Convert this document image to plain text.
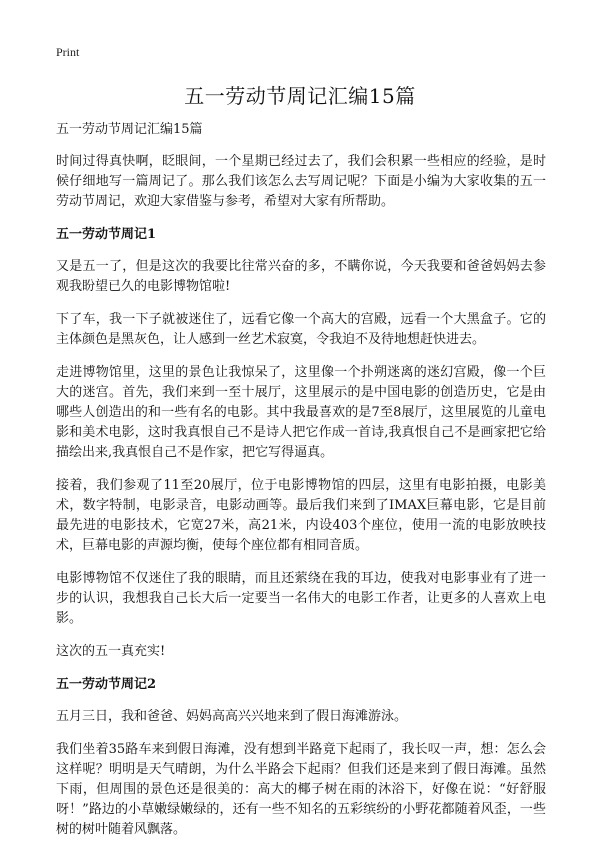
Print
五一劳动节周记汇编15篇

五一劳动节周记汇编15篇

时间过得真快啊，眨眼间，一个星期已经过去了，我们会积累一些相应的经验，是时候仔细地写一篇周记了。那么我们该怎么去写周记呢？下面是小编为大家收集的五一劳动节周记，欢迎大家借鉴与参考，希望对大家有所帮助。

五一劳动节周记1

又是五一了，但是这次的我要比往常兴奋的多，不瞒你说，今天我要和爸爸妈妈去参观我盼望已久的电影博物馆啦!

下了车，我一下子就被迷住了，远看它像一个高大的宫殿，远看一个大黑盒子。它的主体颜色是黑灰色，让人感到一丝艺术寂寞，令我迫不及待地想赶快进去。

走进博物馆里，这里的景色让我惊呆了，这里像一个扑朔迷离的迷幻宫殿，像一个巨大的迷宫。首先，我们来到一至十展厅，这里展示的是中国电影的创造历史，它是由哪些人创造出的和一些有名的电影。其中我最喜欢的是7至8展厅，这里展览的儿童电影和美术电影，这时我真恨自己不是诗人把它作成一首诗,我真恨自己不是画家把它给描绘出来,我真恨自己不是作家，把它写得逼真。

接着，我们参观了11至20展厅，位于电影博物馆的四层，这里有电影拍摄，电影美术，数字特制，电影录音，电影动画等。最后我们来到了IMAX巨幕电影，它是目前最先进的电影技术，它宽27米，高21米，内设403个座位，使用一流的电影放映技术，巨幕电影的声源均衡，使每个座位都有相同音质。

电影博物馆不仅迷住了我的眼睛，而且还萦绕在我的耳边，使我对电影事业有了进一步的认识，我想我自己长大后一定要当一名伟大的电影工作者，让更多的人喜欢上电影。

这次的五一真充实!

五一劳动节周记2

五月三日，我和爸爸、妈妈高高兴兴地来到了假日海滩游泳。

我们坐着35路车来到假日海滩，没有想到半路竟下起雨了，我长叹一声，想：怎么会这样呢？明明是天气晴朗，为什么半路会下起雨？但我们还是来到了假日海滩。虽然下雨，但周围的景色还是很美的：高大的椰子树在雨的沐浴下，好像在说：“好舒服呀！”路边的小草嫩绿嫩绿的，还有一些不知名的五彩缤纷的小野花都随着风歪，一些树的树叶随着风飘落。
